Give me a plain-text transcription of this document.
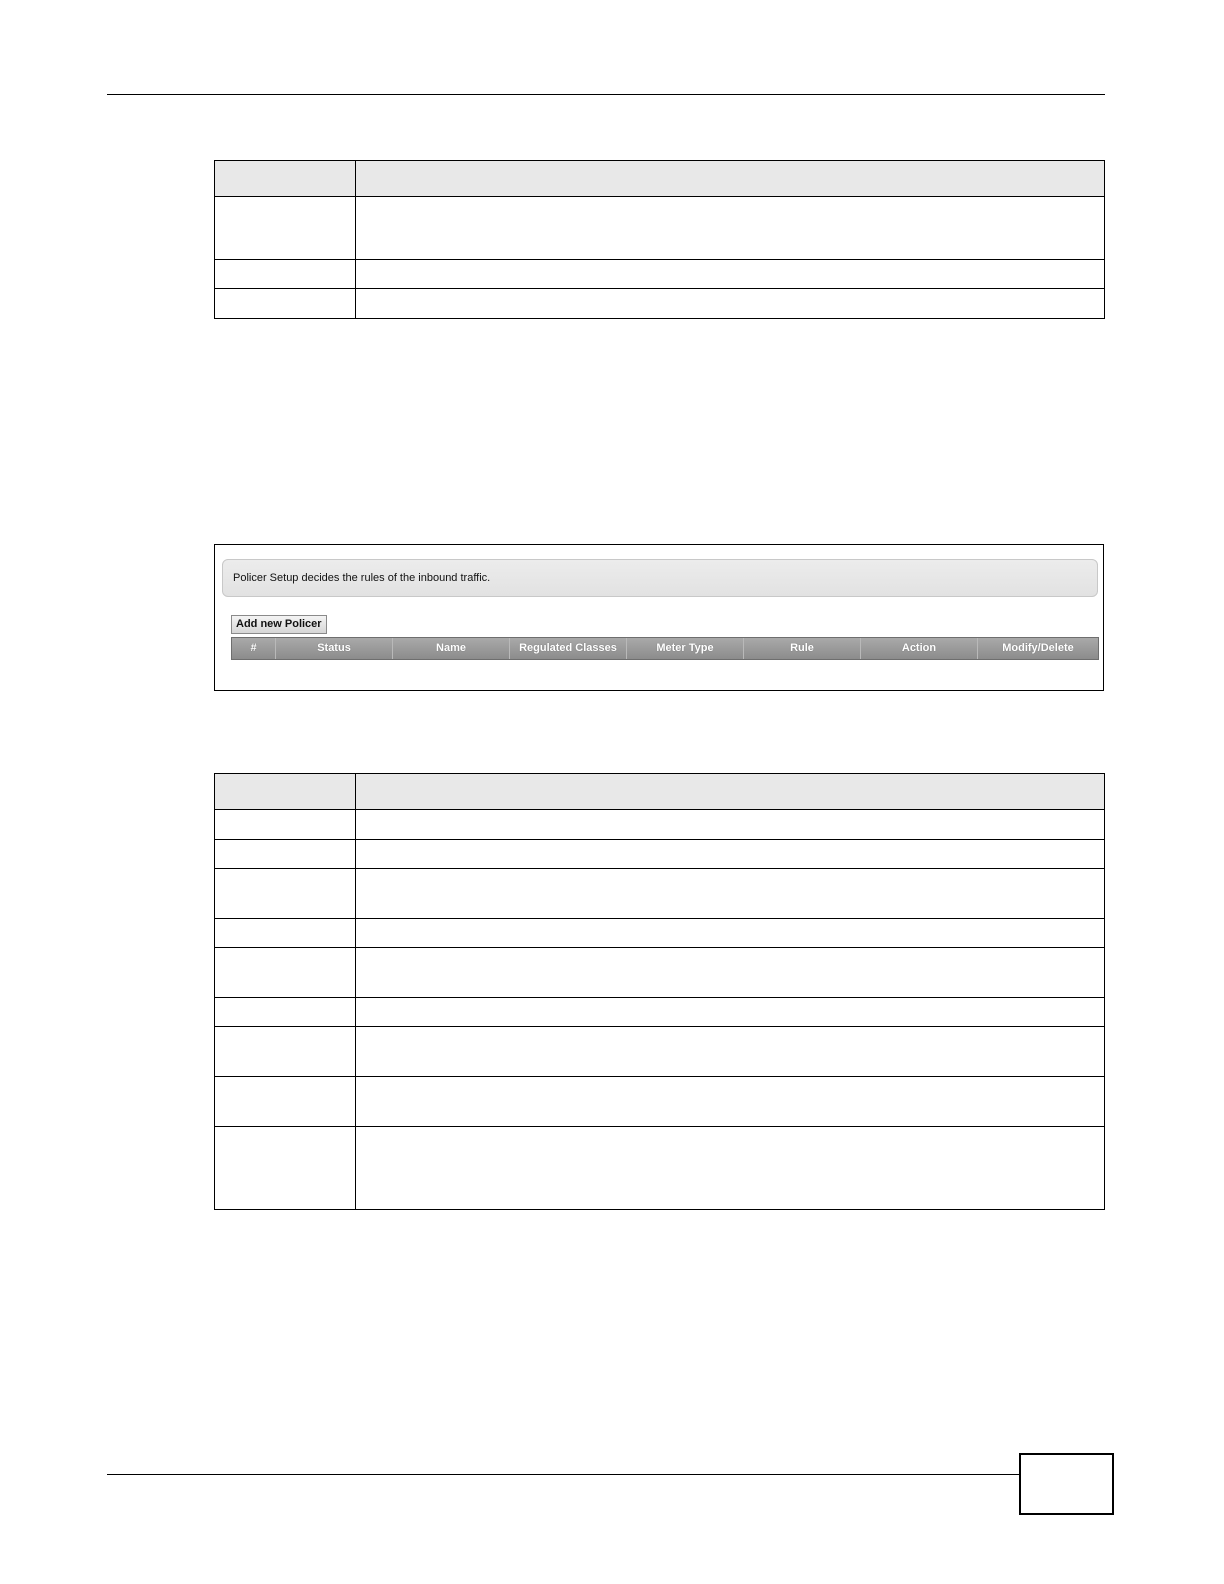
Policer Setup decides the rules of the inbound traffic.
Add new Policer
#	Status	Name	Regulated Classes	Meter Type	Rule	Action	Modify/Delete
